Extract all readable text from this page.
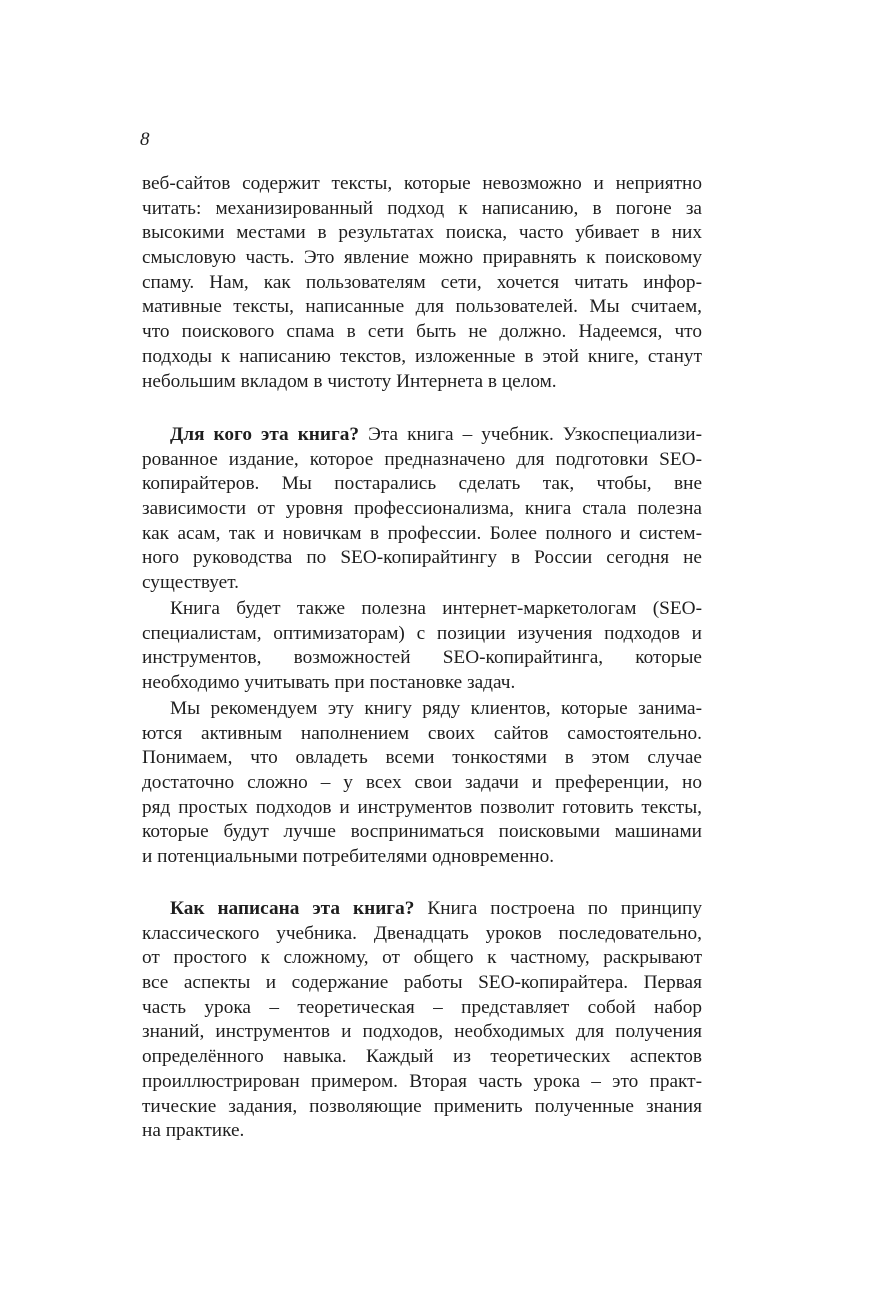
8
веб-сайтов содержит тексты, которые невозможно и неприятно
читать: механизированный подход к написанию, в погоне за
высокими местами в результатах поиска, часто убивает в них
смысловую часть. Это явление можно приравнять к поисковому
спаму. Нам, как пользователям сети, хочется читать инфор-
мативные тексты, написанные для пользователей. Мы считаем,
что поискового спама в сети быть не должно. Надеемся, что
подходы к написанию текстов, изложенные в этой книге, станут
небольшим вкладом в чистоту Интернета в целом.
Для кого эта книга? Эта книга – учебник. Узкоспециализи-
рованное издание, которое предназначено для подготовки SEO-
копирайтеров. Мы постарались сделать так, чтобы, вне
зависимости от уровня профессионализма, книга стала полезна
как асам, так и новичкам в профессии. Более полного и систем-
ного руководства по SEO-копирайтингу в России сегодня не
существует.
Книга будет также полезна интернет-маркетологам (SEO-
специалистам, оптимизаторам) с позиции изучения подходов и
инструментов, возможностей SEO-копирайтинга, которые
необходимо учитывать при постановке задач.
Мы рекомендуем эту книгу ряду клиентов, которые занима-
ются активным наполнением своих сайтов самостоятельно.
Понимаем, что овладеть всеми тонкостями в этом случае
достаточно сложно – у всех свои задачи и преференции, но
ряд простых подходов и инструментов позволит готовить тексты,
которые будут лучше восприниматься поисковыми машинами
и потенциальными потребителями одновременно.
Как написана эта книга? Книга построена по принципу
классического учебника. Двенадцать уроков последовательно,
от простого к сложному, от общего к частному, раскрывают
все аспекты и содержание работы SEO-копирайтера. Первая
часть урока – теоретическая – представляет собой набор
знаний, инструментов и подходов, необходимых для получения
определённого навыка. Каждый из теоретических аспектов
проиллюстрирован примером. Вторая часть урока – это практ-
тические задания, позволяющие применить полученные знания
на практике.
